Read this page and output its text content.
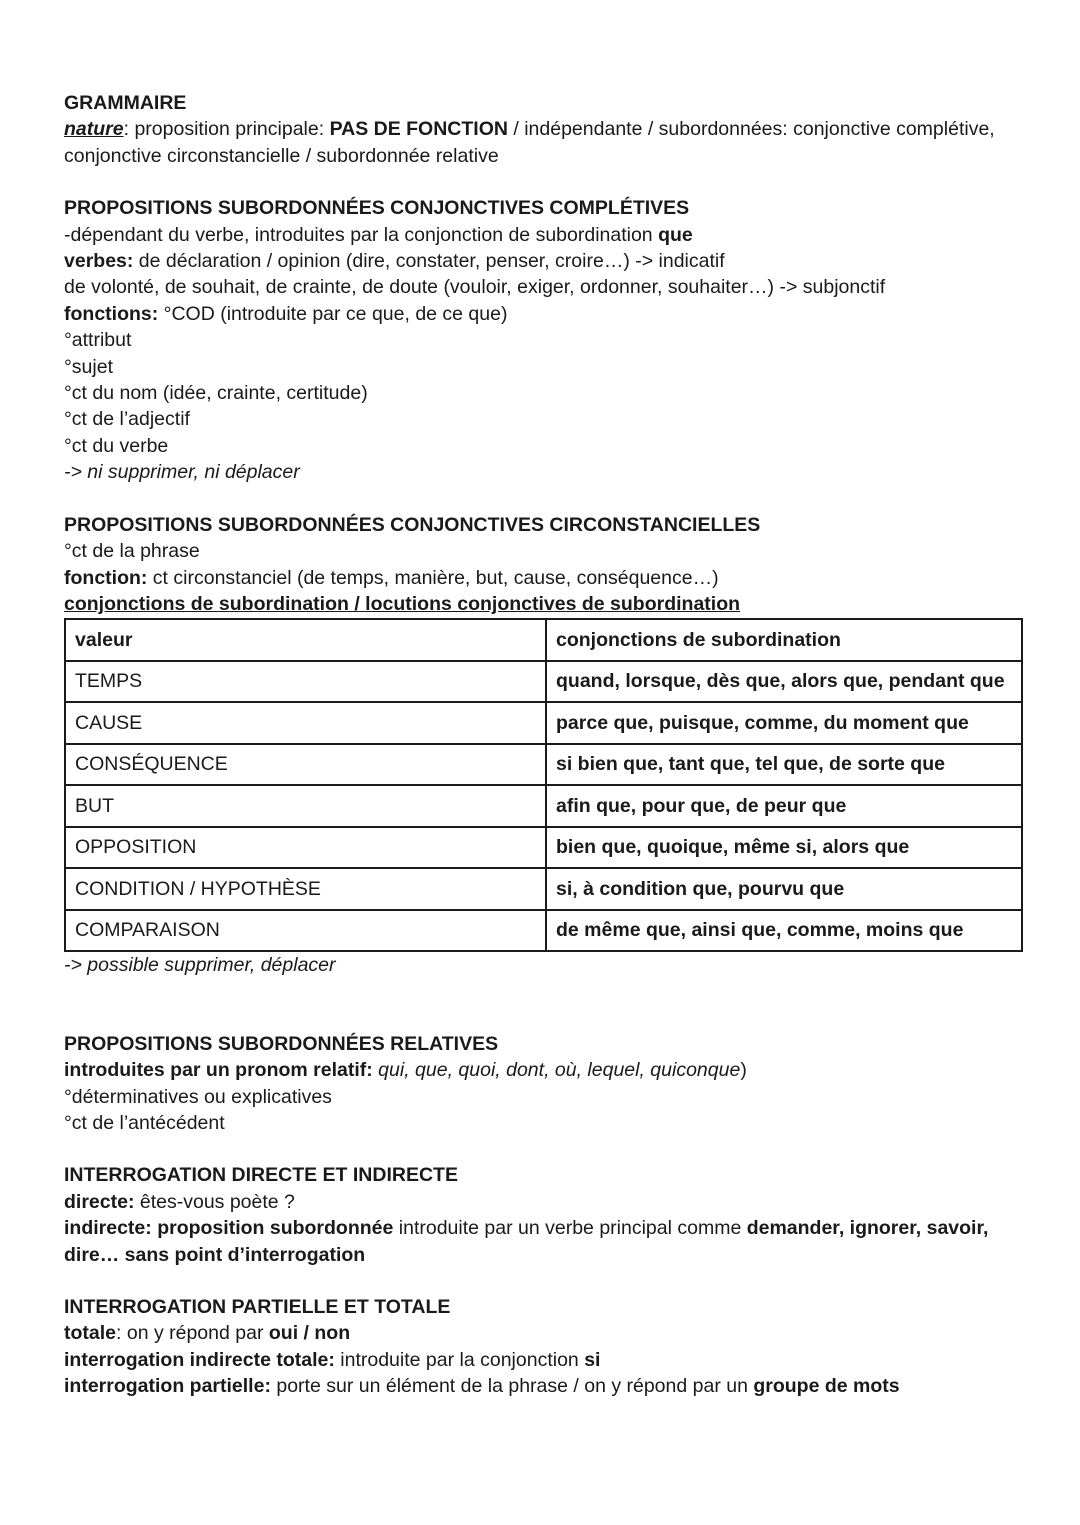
GRAMMAIRE
nature: proposition principale: PAS DE FONCTION / indépendante / subordonnées: conjonctive complétive,
conjonctive circonstancielle / subordonnée relative
PROPOSITIONS SUBORDONNÉES CONJONCTIVES COMPLÉTIVES
-dépendant du verbe, introduites par la conjonction de subordination que
verbes: de déclaration / opinion (dire, constater, penser, croire…) -> indicatif
de volonté, de souhait, de crainte, de doute (vouloir, exiger, ordonner, souhaiter…) -> subjonctif
fonctions: °COD (introduite par ce que, de ce que)
°attribut
°sujet
°ct du nom (idée, crainte, certitude)
°ct de l’adjectif
°ct du verbe
-> ni supprimer, ni déplacer
PROPOSITIONS SUBORDONNÉES CONJONCTIVES CIRCONSTANCIELLES
°ct de la phrase
fonction: ct circonstanciel (de temps, manière, but, cause, conséquence…)
conjonctions de subordination / locutions conjonctives de subordination
valeur	conjonctions de subordination
TEMPS	quand, lorsque, dès que, alors que, pendant que
CAUSE	parce que, puisque, comme, du moment que
CONSÉQUENCE	si bien que, tant que, tel que, de sorte que
BUT	afin que, pour que, de peur que
OPPOSITION	bien que, quoique, même si, alors que
CONDITION / HYPOTHÈSE	si, à condition que, pourvu que
COMPARAISON	de même que, ainsi que, comme, moins que
-> possible supprimer, déplacer
PROPOSITIONS SUBORDONNÉES RELATIVES
introduites par un pronom relatif: qui, que, quoi, dont, où, lequel, quiconque)
°déterminatives ou explicatives
°ct de l’antécédent
INTERROGATION DIRECTE ET INDIRECTE
directe: êtes-vous poète ?
indirecte: proposition subordonnée introduite par un verbe principal comme demander, ignorer, savoir,
dire… sans point d’interrogation
INTERROGATION PARTIELLE ET TOTALE
totale: on y répond par oui / non
interrogation indirecte totale: introduite par la conjonction si
interrogation partielle: porte sur un élément de la phrase / on y répond par un groupe de mots
